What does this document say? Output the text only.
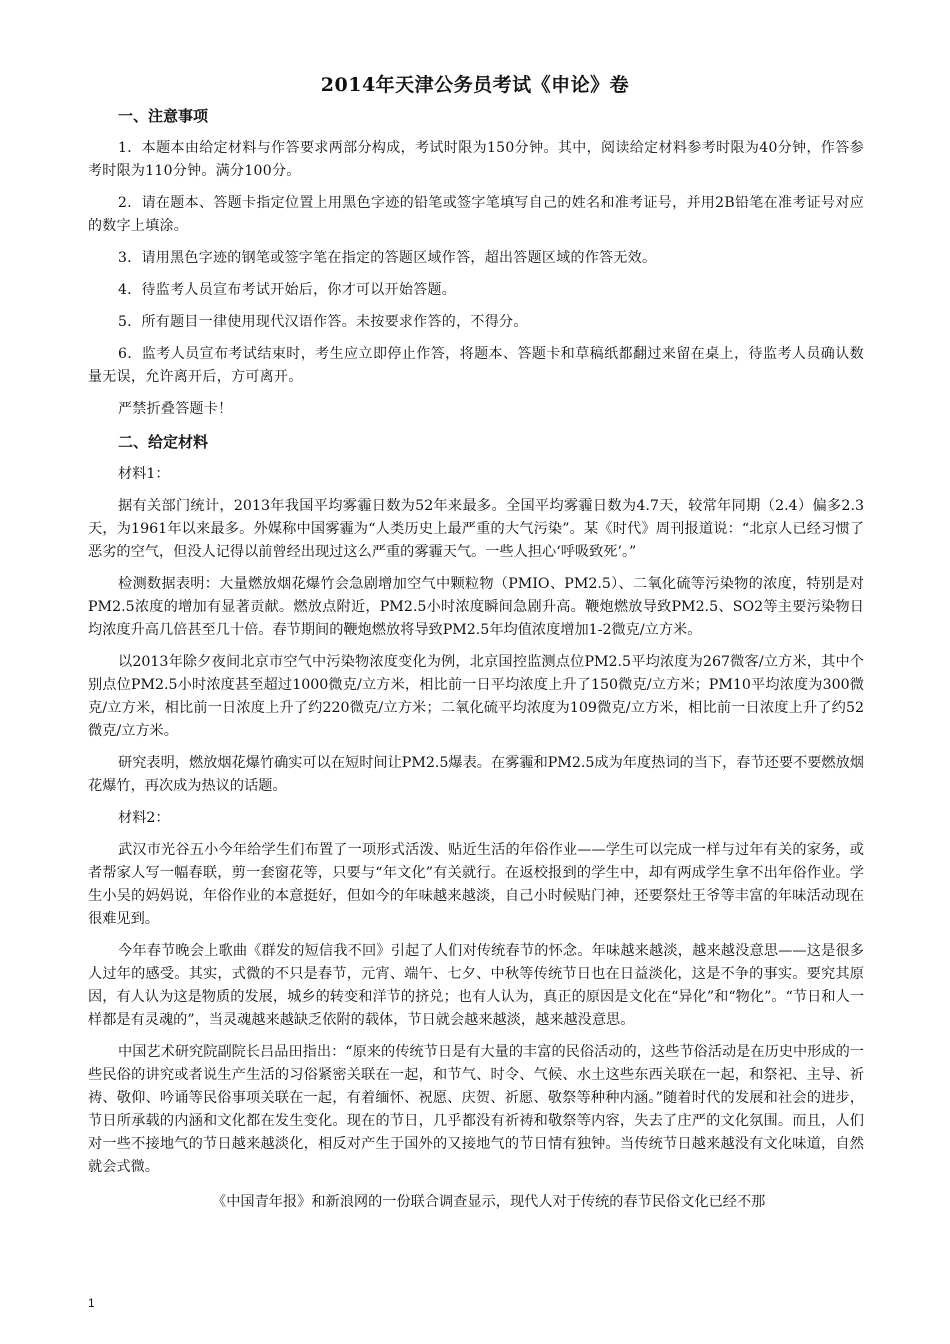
2014年天津公务员考试《申论》卷

一、注意事项

1．本题本由给定材料与作答要求两部分构成，考试时限为150分钟。其中，阅读给定材料参考时限为40分钟，作答参考时限为110分钟。满分100分。

2．请在题本、答题卡指定位置上用黑色字迹的铅笔或签字笔填写自己的姓名和准考证号，并用2B铅笔在准考证号对应的数字上填涂。

3．请用黑色字迹的钢笔或签字笔在指定的答题区域作答，超出答题区域的作答无效。

4．待监考人员宣布考试开始后，你才可以开始答题。

5．所有题目一律使用现代汉语作答。未按要求作答的，不得分。

6．监考人员宣布考试结束时，考生应立即停止作答，将题本、答题卡和草稿纸都翻过来留在桌上，待监考人员确认数量无误，允许离开后，方可离开。

严禁折叠答题卡！

二、给定材料

材料1：

据有关部门统计，2013年我国平均雾霾日数为52年来最多。全国平均雾霾日数为4.7天，较常年同期（2.4）偏多2.3天，为1961年以来最多。外媒称中国雾霾为“人类历史上最严重的大气污染”。某《时代》周刊报道说：“北京人已经习惯了恶劣的空气，但没人记得以前曾经出现过这么严重的雾霾天气。一些人担心‘呼吸致死’。”

检测数据表明：大量燃放烟花爆竹会急剧增加空气中颗粒物（PMIO、PM2.5）、二氧化硫等污染物的浓度，特别是对PM2.5浓度的增加有显著贡献。燃放点附近，PM2.5小时浓度瞬间急剧升高。鞭炮燃放导致PM2.5、SO2等主要污染物日均浓度升高几倍甚至几十倍。春节期间的鞭炮燃放将导致PM2.5年均值浓度增加1-2微克/立方米。

以2013年除夕夜间北京市空气中污染物浓度变化为例，北京国控监测点位PM2.5平均浓度为267微客/立方米，其中个别点位PM2.5小时浓度甚至超过1000微克/立方米，相比前一日平均浓度上升了150微克/立方米；PM10平均浓度为300微克/立方米，相比前一日浓度上升了约220微克/立方米；二氧化硫平均浓度为109微克/立方米，相比前一日浓度上升了约52微克/立方米。

研究表明，燃放烟花爆竹确实可以在短时间让PM2.5爆表。在雾霾和PM2.5成为年度热词的当下，春节还要不要燃放烟花爆竹，再次成为热议的话题。

材料2：

武汉市光谷五小今年给学生们布置了一项形式活泼、贴近生活的年俗作业——学生可以完成一样与过年有关的家务，或者帮家人写一幅春联，剪一套窗花等，只要与“年文化”有关就行。在返校报到的学生中，却有两成学生拿不出年俗作业。学生小吴的妈妈说，年俗作业的本意挺好，但如今的年味越来越淡，自己小时候贴门神，还要祭灶王爷等丰富的年味活动现在很难见到。

今年春节晚会上歌曲《群发的短信我不回》引起了人们对传统春节的怀念。年味越来越淡，越来越没意思——这是很多人过年的感受。其实，式微的不只是春节，元宵、端午、七夕、中秋等传统节日也在日益淡化，这是不争的事实。要究其原因，有人认为这是物质的发展，城乡的转变和洋节的挤兑；也有人认为，真正的原因是文化在“异化”和“物化”。“节日和人一样都是有灵魂的”，当灵魂越来越缺乏依附的载体，节日就会越来越淡，越来越没意思。

中国艺术研究院副院长吕品田指出：“原来的传统节日是有大量的丰富的民俗活动的，这些节俗活动是在历史中形成的一些民俗的讲究或者说生产生活的习俗紧密关联在一起，和节气、时令、气候、水土这些东西关联在一起，和祭祀、主导、祈祷、敬仰、吟诵等民俗事项关联在一起，有着缅怀、祝愿、庆贺、祈愿、敬祭等种种内涵。”随着时代的发展和社会的进步，节日所承载的内涵和文化都在发生变化。现在的节日，几乎都没有祈祷和敬祭等内容，失去了庄严的文化氛围。而且，人们对一些不接地气的节日越来越淡化，相反对产生于国外的又接地气的节日情有独钟。当传统节日越来越没有文化味道，自然就会式微。

《中国青年报》和新浪网的一份联合调查显示，现代人对于传统的春节民俗文化已经不那

1
